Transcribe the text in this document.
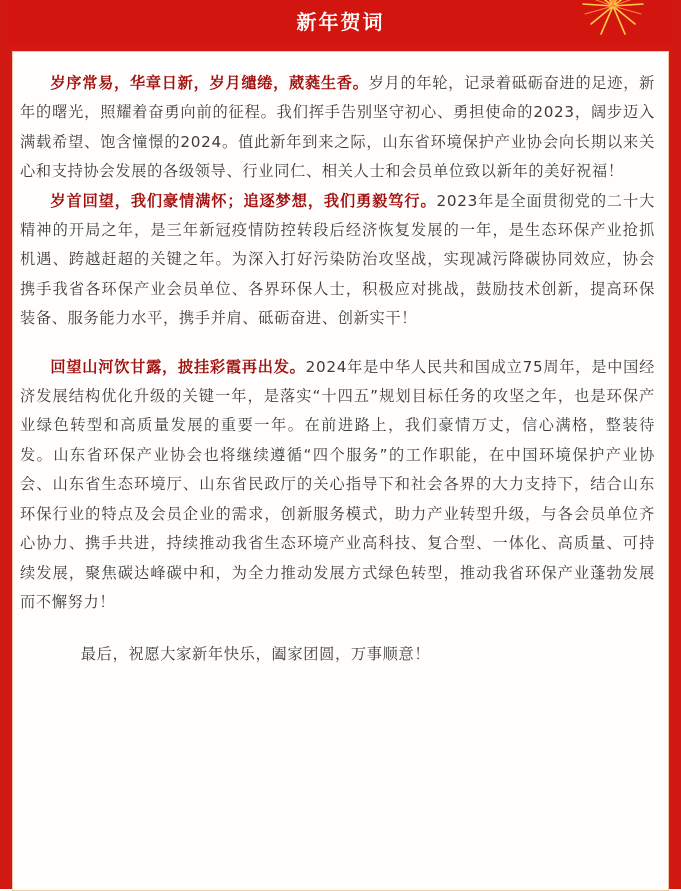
新年贺词

岁序常易，华章日新，岁月缱绻，葳蕤生香。岁月的年轮，记录着砥砺奋进的足迹，新年的曙光，照耀着奋勇向前的征程。我们挥手告别坚守初心、勇担使命的2023，阔步迈入满载希望、饱含憧憬的2024。值此新年到来之际，山东省环境保护产业协会向长期以来关心和支持协会发展的各级领导、行业同仁、相关人士和会员单位致以新年的美好祝福！

岁首回望，我们豪情满怀；追逐梦想，我们勇毅笃行。2023年是全面贯彻党的二十大精神的开局之年，是三年新冠疫情防控转段后经济恢复发展的一年，是生态环保产业抢抓机遇、跨越赶超的关键之年。为深入打好污染防治攻坚战，实现减污降碳协同效应，协会携手我省各环保产业会员单位、各界环保人士，积极应对挑战，鼓励技术创新，提高环保装备、服务能力水平，携手并肩、砥砺奋进、创新实干！

回望山河饮甘露，披挂彩霞再出发。2024年是中华人民共和国成立75周年，是中国经济发展结构优化升级的关键一年，是落实“十四五”规划目标任务的攻坚之年，也是环保产业绿色转型和高质量发展的重要一年。在前进路上，我们豪情万丈，信心满格，整装待发。山东省环保产业协会也将继续遵循“四个服务”的工作职能，在中国环境保护产业协会、山东省生态环境厅、山东省民政厅的关心指导下和社会各界的大力支持下，结合山东环保行业的特点及会员企业的需求，创新服务模式，助力产业转型升级，与各会员单位齐心协力、携手共进，持续推动我省生态环境产业高科技、复合型、一体化、高质量、可持续发展，聚焦碳达峰碳中和，为全力推动发展方式绿色转型，推动我省环保产业蓬勃发展而不懈努力！

最后，祝愿大家新年快乐，阖家团圆，万事顺意！
